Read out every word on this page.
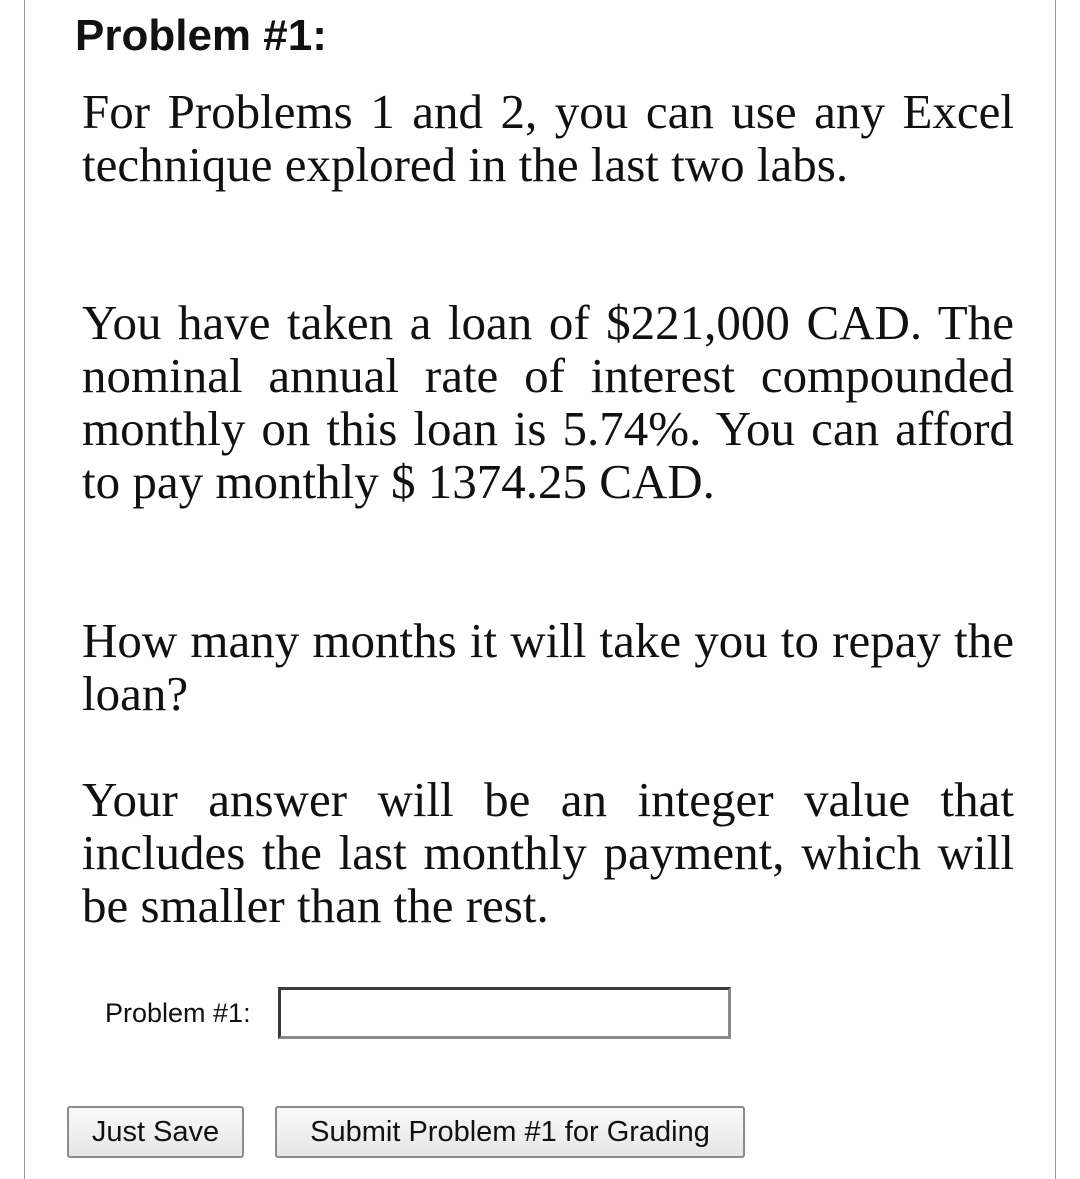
Problem #1:

For Problems 1 and 2, you can use any Excel technique explored in the last two labs.

You have taken a loan of $221,000 CAD. The nominal annual rate of interest compounded monthly on this loan is 5.74%. You can afford to pay monthly $ 1374.25 CAD.

How many months it will take you to repay the loan?

Your answer will be an integer value that includes the last monthly payment, which will be smaller than the rest.

Problem #1:
Just Save	Submit Problem #1 for Grading
